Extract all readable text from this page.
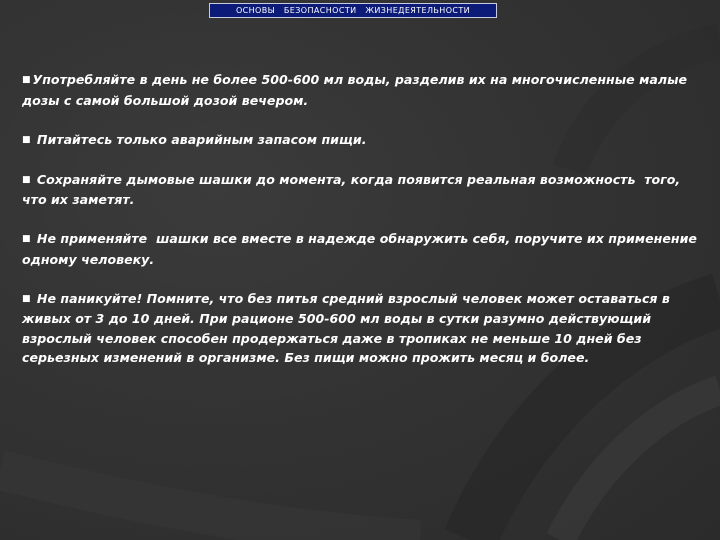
ОСНОВЫ   БЕЗОПАСНОСТИ   ЖИЗНЕДЕЯТЕЛЬНОСТИ

■ Употребляйте в день не более 500-600 мл воды, разделив их на многочисленные малые дозы с самой большой дозой вечером.

■ Питайтесь только аварийным запасом пищи.

■ Сохраняйте дымовые шашки до момента, когда появится реальная возможность  того, что их заметят.

■ Не применяйте  шашки все вместе в надежде обнаружить себя, поручите их применение одному человеку.

■ Не паникуйте! Помните, что без питья средний взрослый человек может оставаться в живых от 3 до 10 дней. При рационе 500-600 мл воды в сутки разумно действующий взрослый человек способен продержаться даже в тропиках не меньше 10 дней без серьезных изменений в организме. Без пищи можно прожить месяц и более.
